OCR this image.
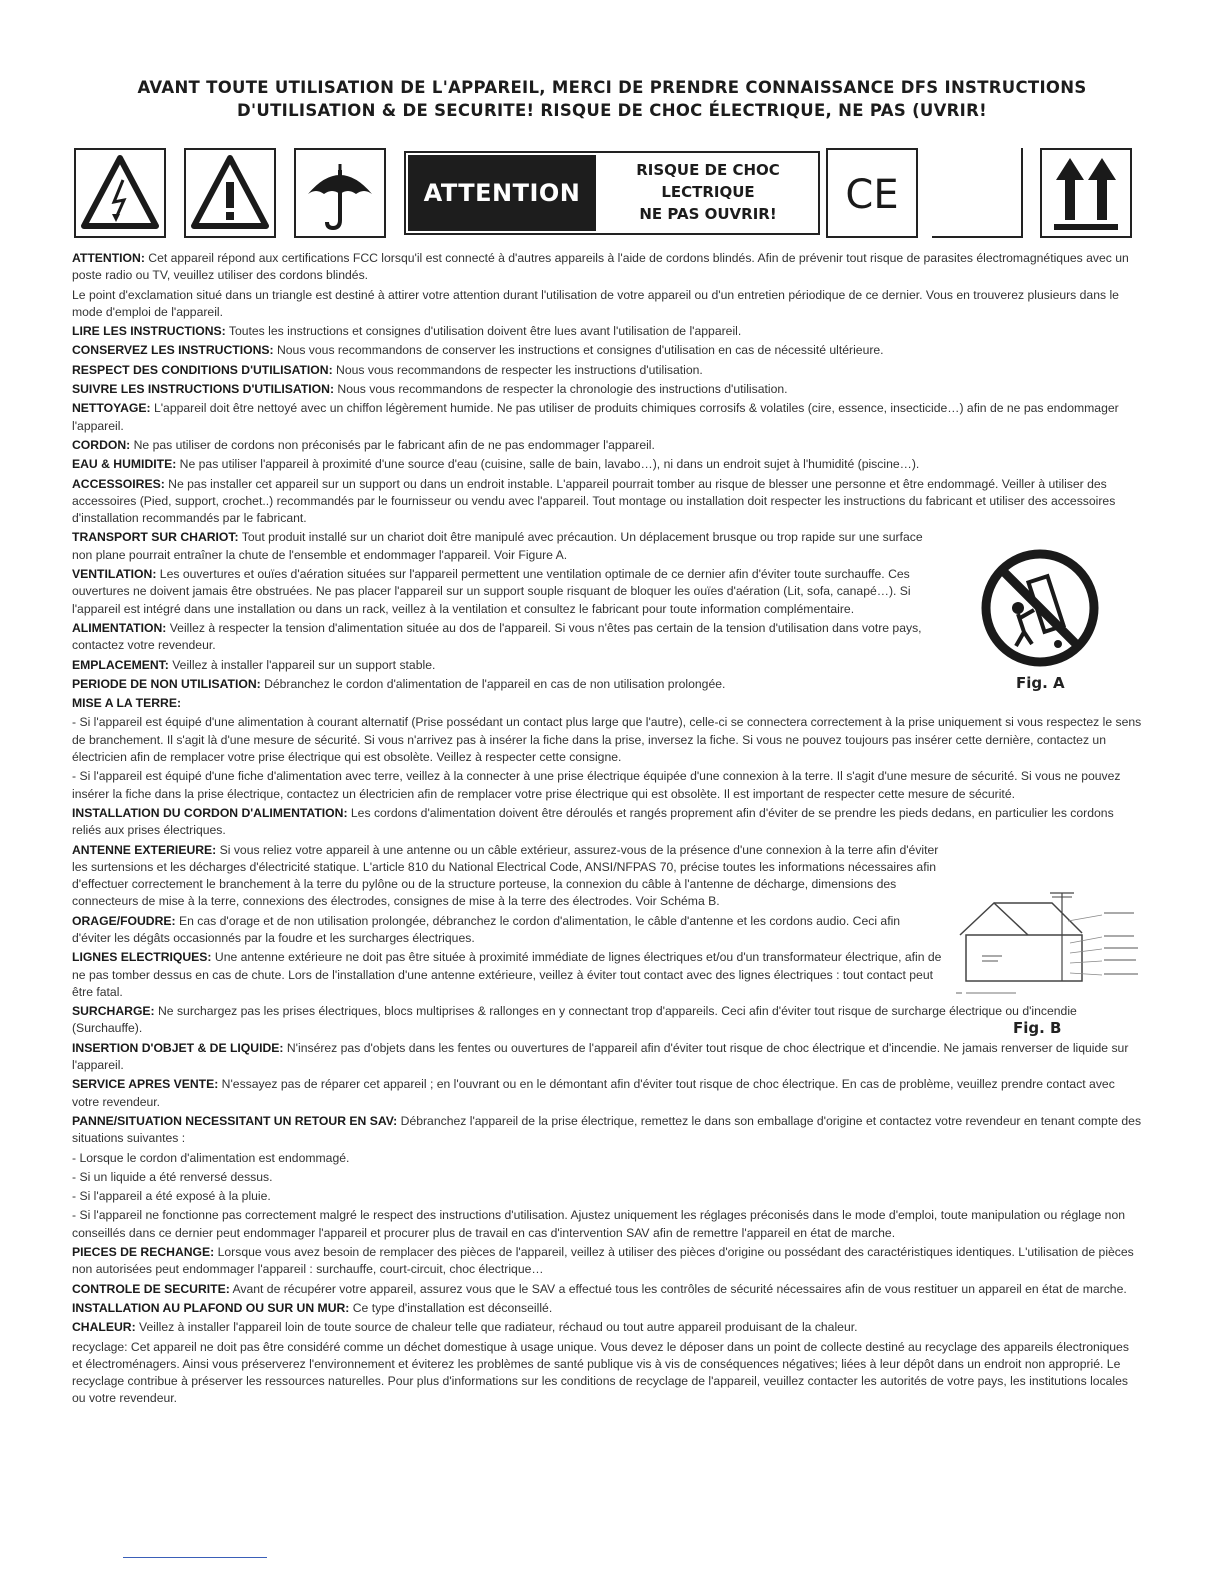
AVANT TOUTE UTILISATION DE L'APPAREIL, MERCI DE PRENDRE CONNAISSANCE DFS INSTRUCTIONS
D'UTILISATION & DE SECURITE! RISQUE DE CHOC ÉLECTRIQUE, NE PAS (UVRIR!
ATTENTION
RISQUE DE CHOC
LECTRIQUE
NE PAS OUVRIR!	CE
ATTENTION: Cet appareil répond aux certifications FCC lorsqu'il est connecté à d'autres appareils à l'aide de cordons blindés. Afin de prévenir tout risque de parasites électromagnétiques avec un poste radio ou TV, veuillez utiliser des cordons blindés.
Le point d'exclamation situé dans un triangle est destiné à attirer votre attention durant l'utilisation de votre appareil ou d'un entretien périodique de ce dernier. Vous en trouverez plusieurs dans le mode d'emploi de l'appareil.
LIRE LES INSTRUCTIONS: Toutes les instructions et consignes d'utilisation doivent être lues avant l'utilisation de l'appareil.
CONSERVEZ LES INSTRUCTIONS: Nous vous recommandons de conserver les instructions et consignes d'utilisation en cas de nécessité ultérieure.
RESPECT DES CONDITIONS D'UTILISATION: Nous vous recommandons de respecter les instructions d'utilisation.
SUIVRE LES INSTRUCTIONS D'UTILISATION: Nous vous recommandons de respecter la chronologie des instructions d'utilisation.
NETTOYAGE: L'appareil doit être nettoyé avec un chiffon légèrement humide. Ne pas utiliser de produits chimiques corrosifs & volatiles (cire, essence, insecticide…) afin de ne pas endommager l'appareil.
CORDON: Ne pas utiliser de cordons non préconisés par le fabricant afin de ne pas endommager l'appareil.
EAU & HUMIDITE: Ne pas utiliser l'appareil à proximité d'une source d'eau (cuisine, salle de bain, lavabo…), ni dans un endroit sujet à l'humidité (piscine…).
ACCESSOIRES: Ne pas installer cet appareil sur un support ou dans un endroit instable. L'appareil pourrait tomber au risque de blesser une personne et être endommagé. Veiller à utiliser des accessoires (Pied, support, crochet..) recommandés par le fournisseur ou vendu avec l'appareil. Tout montage ou installation doit respecter les instructions du fabricant et utiliser des accessoires d'installation recommandés par le fabricant.
TRANSPORT SUR CHARIOT: Tout produit installé sur un chariot doit être manipulé avec précaution. Un déplacement brusque ou trop rapide sur une surface non plane pourrait entraîner la chute de l'ensemble et endommager l'appareil. Voir Figure A.
VENTILATION: Les ouvertures et ouïes d'aération situées sur l'appareil permettent une ventilation optimale de ce dernier afin d'éviter toute surchauffe. Ces ouvertures ne doivent jamais être obstruées. Ne pas placer l'appareil sur un support souple risquant de bloquer les ouïes d'aération (Lit, sofa, canapé…). Si l'appareil est intégré dans une installation ou dans un rack, veillez à la ventilation et consultez le fabricant pour toute information complémentaire.
ALIMENTATION: Veillez à respecter la tension d'alimentation située au dos de l'appareil. Si vous n'êtes pas certain de la tension d'utilisation dans votre pays, contactez votre revendeur.
EMPLACEMENT: Veillez à installer l'appareil sur un support stable.
PERIODE DE NON UTILISATION: Débranchez le cordon d'alimentation de l'appareil en cas de non utilisation prolongée.
MISE A LA TERRE:
- Si l'appareil est équipé d'une alimentation à courant alternatif (Prise possédant un contact plus large que l'autre), celle-ci se connectera correctement à la prise uniquement si vous respectez le sens de branchement. Il s'agit là d'une mesure de sécurité. Si vous n'arrivez pas à insérer la fiche dans la prise, inversez la fiche. Si vous ne pouvez toujours pas insérer cette dernière, contactez un électricien afin de remplacer votre prise électrique qui est obsolète. Veillez à respecter cette consigne.
- Si l'appareil est équipé d'une fiche d'alimentation avec terre, veillez à la connecter à une prise électrique équipée d'une connexion à la terre. Il s'agit d'une mesure de sécurité. Si vous ne pouvez insérer la fiche dans la prise électrique, contactez un électricien afin de remplacer votre prise électrique qui est obsolète. Il est important de respecter cette mesure de sécurité.
INSTALLATION DU CORDON D'ALIMENTATION: Les cordons d'alimentation doivent être déroulés et rangés proprement afin d'éviter de se prendre les pieds dedans, en particulier les cordons reliés aux prises électriques.
ANTENNE EXTERIEURE: Si vous reliez votre appareil à une antenne ou un câble extérieur, assurez-vous de la présence d'une connexion à la terre afin d'éviter les surtensions et les décharges d'électricité statique. L'article 810 du National Electrical Code, ANSI/NFPAS 70, précise toutes les informations nécessaires afin d'effectuer correctement le branchement à la terre du pylône ou de la structure porteuse, la connexion du câble à l'antenne de décharge, dimensions des connecteurs de mise à la terre, connexions des électrodes, consignes de mise à la terre des électrodes. Voir Schéma B.
ORAGE/FOUDRE: En cas d'orage et de non utilisation prolongée, débranchez le cordon d'alimentation, le câble d'antenne et les cordons audio. Ceci afin d'éviter les dégâts occasionnés par la foudre et les surcharges électriques.
LIGNES ELECTRIQUES: Une antenne extérieure ne doit pas être située à proximité immédiate de lignes électriques et/ou d'un transformateur électrique, afin de ne pas tomber dessus en cas de chute. Lors de l'installation d'une antenne extérieure, veillez à éviter tout contact avec des lignes électriques : tout contact peut être fatal.
SURCHARGE: Ne surchargez pas les prises électriques, blocs multiprises & rallonges en y connectant trop d'appareils. Ceci afin d'éviter tout risque de surcharge électrique ou d'incendie (Surchauffe).
INSERTION D'OBJET & DE LIQUIDE: N'insérez pas d'objets dans les fentes ou ouvertures de l'appareil afin d'éviter tout risque de choc électrique et d'incendie. Ne jamais renverser de liquide sur l'appareil.
SERVICE APRES VENTE: N'essayez pas de réparer cet appareil ; en l'ouvrant ou en le démontant afin d'éviter tout risque de choc électrique. En cas de problème, veuillez prendre contact avec votre revendeur.
PANNE/SITUATION NECESSITANT UN RETOUR EN SAV: Débranchez l'appareil de la prise électrique, remettez le dans son emballage d'origine et contactez votre revendeur en tenant compte des situations suivantes :
- Lorsque le cordon d'alimentation est endommagé.
- Si un liquide a été renversé dessus.
- Si l'appareil a été exposé à la pluie.
- Si l'appareil ne fonctionne pas correctement malgré le respect des instructions d'utilisation. Ajustez uniquement les réglages préconisés dans le mode d'emploi, toute manipulation ou réglage non conseillés dans ce dernier peut endommager l'appareil et procurer plus de travail en cas d'intervention SAV afin de remettre l'appareil en état de marche.
PIECES DE RECHANGE: Lorsque vous avez besoin de remplacer des pièces de l'appareil, veillez à utiliser des pièces d'origine ou possédant des caractéristiques identiques. L'utilisation de pièces non autorisées peut endommager l'appareil : surchauffe, court-circuit, choc électrique…
CONTROLE DE SECURITE: Avant de récupérer votre appareil, assurez vous que le SAV a effectué tous les contrôles de sécurité nécessaires afin de vous restituer un appareil en état de marche.
INSTALLATION AU PLAFOND OU SUR UN MUR: Ce type d'installation est déconseillé.
CHALEUR: Veillez à installer l'appareil loin de toute source de chaleur telle que radiateur, réchaud ou tout autre appareil produisant de la chaleur.
recyclage: Cet appareil ne doit pas être considéré comme un déchet domestique à usage unique. Vous devez le déposer dans un point de collecte destiné au recyclage des appareils électroniques et électroménagers. Ainsi vous préserverez l'environnement et éviterez les problèmes de santé publique vis à vis de conséquences négatives; liées à leur dépôt dans un endroit non approprié. Le recyclage contribue à préserver les ressources naturelles. Pour plus d'informations sur les conditions de recyclage de l'appareil, veuillez contacter les autorités de votre pays, les institutions locales ou votre revendeur.
Fig. A
Fig. B
